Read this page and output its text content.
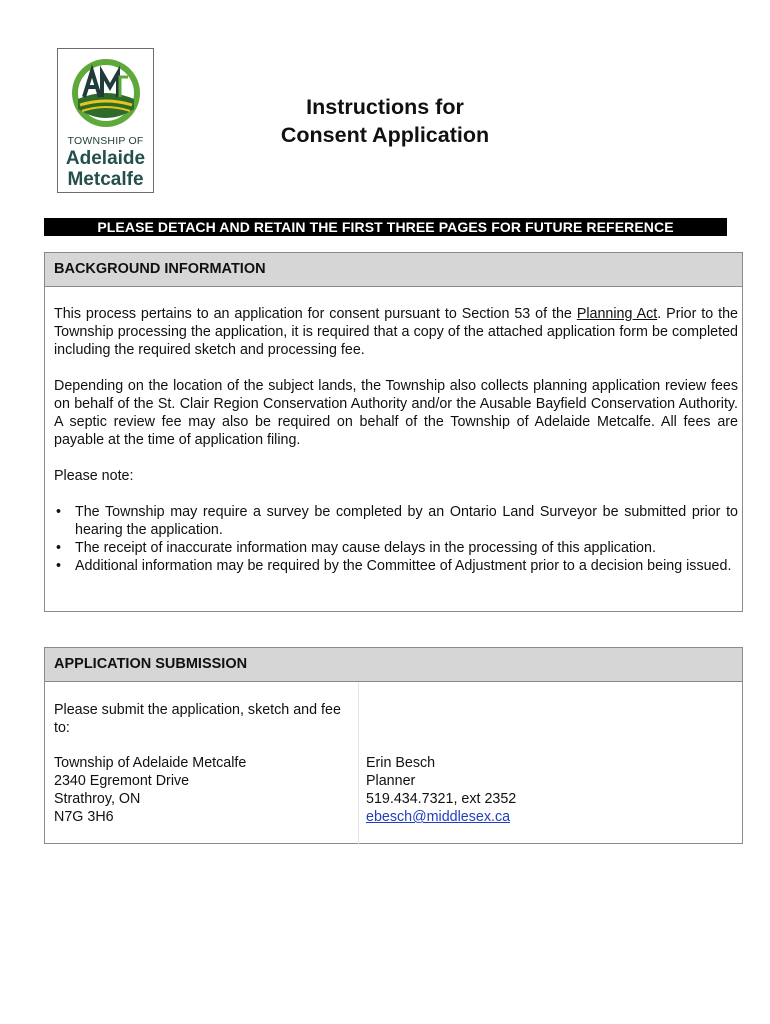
TOWNSHIP OF
Adelaide
Metcalfe
Instructions for
Consent Application
PLEASE DETACH AND RETAIN THE FIRST THREE PAGES FOR FUTURE REFERENCE
BACKGROUND INFORMATION

This process pertains to an application for consent pursuant to Section 53 of the Planning Act. Prior to the Township processing the application, it is required that a copy of the attached application form be completed including the required sketch and processing fee.

Depending on the location of the subject lands, the Township also collects planning application review fees on behalf of the St. Clair Region Conservation Authority and/or the Ausable Bayfield Conservation Authority. A septic review fee may also be required on behalf of the Township of Adelaide Metcalfe. All fees are payable at the time of application filing.

Please note:

• The Township may require a survey be completed by an Ontario Land Surveyor be submitted prior to hearing the application.
• The receipt of inaccurate information may cause delays in the processing of this application.
• Additional information may be required by the Committee of Adjustment prior to a decision being issued.
APPLICATION SUBMISSION
Please submit the application, sketch and fee to:
Township of Adelaide Metcalfe
2340 Egremont Drive
Strathroy, ON
N7G 3H6
Erin Besch
Planner
519.434.7321, ext 2352
ebesch@middlesex.ca
